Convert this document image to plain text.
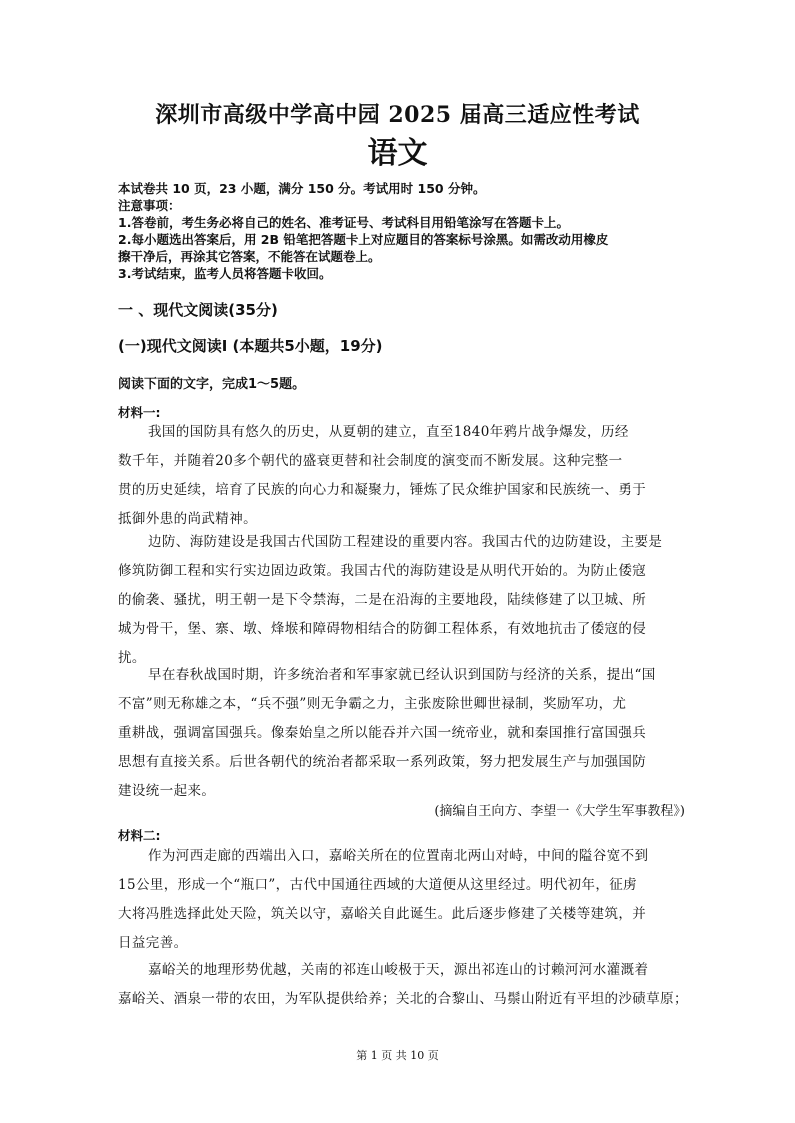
深圳市高级中学高中园 2025 届高三适应性考试
语文
本试卷共 10 页，23 小题，满分 150 分。考试用时 150 分钟。
注意事项：
1.答卷前，考生务必将自己的姓名、准考证号、考试科目用铅笔涂写在答题卡上。
2.每小题选出答案后，用 2B 铅笔把答题卡上对应题目的答案标号涂黑。如需改动用橡皮
擦干净后，再涂其它答案，不能答在试题卷上。
3.考试结束，监考人员将答题卡收回。
一 、现代文阅读(35分)
(一)现代文阅读Ⅰ (本题共5小题，19分)
阅读下面的文字，完成1～5题。
材料一:
我国的国防具有悠久的历史，从夏朝的建立，直至1840年鸦片战争爆发，历经
数千年，并随着20多个朝代的盛衰更替和社会制度的演变而不断发展。这种完整一
贯的历史延续，培育了民族的向心力和凝聚力，锤炼了民众维护国家和民族统一、勇于
抵御外患的尚武精神。
边防、海防建设是我国古代国防工程建设的重要内容。我国古代的边防建设，主要是
修筑防御工程和实行实边固边政策。我国古代的海防建设是从明代开始的。为防止倭寇
的偷袭、骚扰，明王朝一是下令禁海，二是在沿海的主要地段，陆续修建了以卫城、所
城为骨干，堡、寨、墩、烽堠和障碍物相结合的防御工程体系，有效地抗击了倭寇的侵
扰。
早在春秋战国时期，许多统治者和军事家就已经认识到国防与经济的关系，提出“国
不富”则无称雄之本，“兵不强”则无争霸之力，主张废除世卿世禄制，奖励军功，尤
重耕战，强调富国强兵。像秦始皇之所以能吞并六国一统帝业，就和秦国推行富国强兵
思想有直接关系。后世各朝代的统治者都采取一系列政策，努力把发展生产与加强国防
建设统一起来。
(摘编自王向方、李望一《大学生军事教程》)
材料二:
作为河西走廊的西端出入口，嘉峪关所在的位置南北两山对峙，中间的隘谷宽不到
15公里，形成一个“瓶口”，古代中国通往西域的大道便从这里经过。明代初年，征虏
大将冯胜选择此处天险，筑关以守，嘉峪关自此诞生。此后逐步修建了关楼等建筑，并
日益完善。
嘉峪关的地理形势优越，关南的祁连山峻极于天，源出祁连山的讨赖河河水灌溉着
嘉峪关、酒泉一带的农田，为军队提供给养；关北的合黎山、马鬃山附近有平坦的沙碛草原；
第 1 页 共 10 页
